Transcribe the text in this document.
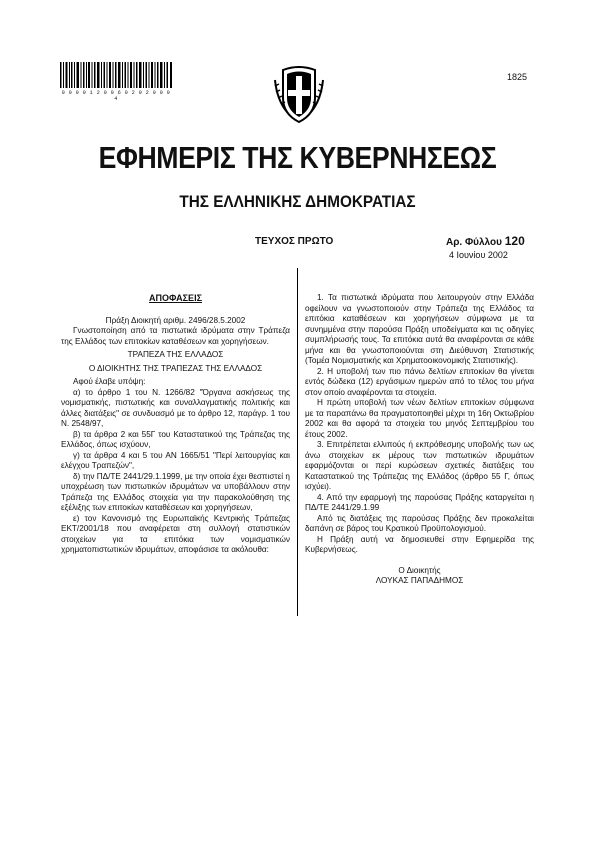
0 0 0 0 1 2 0 0 6 0 2 0 2 0 0 0 4
1825
ΕΦΗΜΕΡΙΣ ΤΗΣ ΚΥΒΕΡΝΗΣΕΩΣ
ΤΗΣ ΕΛΛΗΝΙΚΗΣ ΔΗΜΟΚΡΑΤΙΑΣ
ΤΕΥΧΟΣ ΠΡΩΤΟ	Αρ. Φύλλου 120
4 Ιουνίου 2002

ΑΠΟΦΑΣΕΙΣ

Πράξη Διοικητή αριθμ. 2496/28.5.2002

Γνωστοποίηση από τα πιστωτικά ιδρύματα στην Τράπεζα της Ελλάδος των επιτοκίων καταθέσεων και χορηγήσεων.

ΤΡΑΠΕΖΑ ΤΗΣ ΕΛΛΑΔΟΣ

Ο ΔΙΟΙΚΗΤΗΣ ΤΗΣ ΤΡΑΠΕΖΑΣ ΤΗΣ ΕΛΛΑΔΟΣ

Αφού έλαβε υπόψη:

α) το άρθρο 1 του Ν. 1266/82 "Όργανα ασκήσεως της νομισματικής, πιστωτικής και συναλλαγματικής πολιτικής και άλλες διατάξεις" σε συνδυασμό με το άρθρο 12, παράγρ. 1 του Ν. 2548/97,

β) τα άρθρα 2 και 55Γ του Καταστατικού της Τράπεζας της Ελλάδος, όπως ισχύουν,

γ) τα άρθρα 4 και 5 του ΑΝ 1665/51 "Περί λειτουργίας και ελέγχου Τραπεζών",

δ) την ΠΔ/ΤΕ 2441/29.1.1999, με την οποία έχει θεσπιστεί η υποχρέωση των πιστωτικών ιδρυμάτων να υποβάλλουν στην Τράπεζα της Ελλάδος στοιχεία για την παρακολούθηση της εξέλιξης των επιτοκίων καταθέσεων και χορηγήσεων,

ε) τον Κανονισμό της Ευρωπαϊκής Κεντρικής Τράπεζας ΕΚΤ/2001/18 που αναφέρεται στη συλλογή στατιστικών στοιχείων για τα επιτόκια των νομισματικών χρηματοπιστωτικών ιδρυμάτων, αποφάσισε τα ακόλουθα:

1. Τα πιστωτικά ιδρύματα που λειτουργούν στην Ελλάδα οφείλουν να γνωστοποιούν στην Τράπεζα της Ελλάδος τα επιτόκια καταθέσεων και χορηγήσεων σύμφωνα με τα συνημμένα στην παρούσα Πράξη υποδείγματα και τις οδηγίες συμπλήρωσής τους. Τα επιτόκια αυτά θα αναφέρονται σε κάθε μήνα και θα γνωστοποιούνται στη Διεύθυνση Στατιστικής (Τομέα Νομισματικής και Χρηματοοικονομικής Στατιστικής).

2. Η υποβολή των πιο πάνω δελτίων επιτοκίων θα γίνεται εντός δώδεκα (12) εργάσιμων ημερών από το τέλος του μήνα στον οποίο αναφέρονται τα στοιχεία.

Η πρώτη υποβολή των νέων δελτίων επιτοκίων σύμφωνα με τα παραπάνω θα πραγματοποιηθεί μέχρι τη 16η Οκτωβρίου 2002 και θα αφορά τα στοιχεία του μηνός Σεπτεμβρίου του έτους 2002.

3. Επιτρέπεται ελλιπούς ή εκπρόθεσμης υποβολής των ως άνω στοιχείων εκ μέρους των πιστωτικών ιδρυμάτων εφαρμόζονται οι περί κυρώσεων σχετικές διατάξεις του Καταστατικού της Τράπεζας της Ελλάδος (άρθρο 55 Γ, όπως ισχύει).

4. Από την εφαρμογή της παρούσας Πράξης καταργείται η ΠΔ/ΤΕ 2441/29.1.99

Από τις διατάξεις της παρούσας Πράξης δεν προκαλείται δαπάνη σε βάρος του Κρατικού Προϋπολογισμού.

Η Πράξη αυτή να δημοσιευθεί στην Εφημερίδα της Κυβερνήσεως.

Ο Διοικητής

ΛΟΥΚΑΣ ΠΑΠΑΔΗΜΟΣ
